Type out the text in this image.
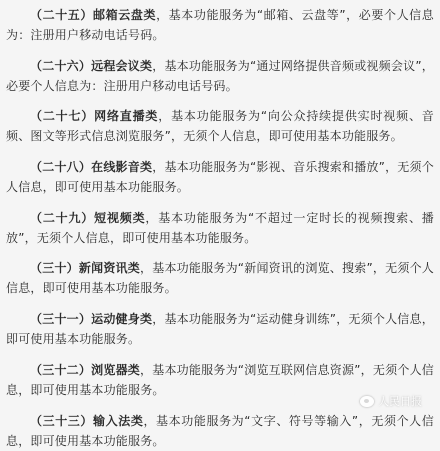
（二十五）邮箱云盘类，基本功能服务为“邮箱、云盘等”，必要个人信息为：注册用户移动电话号码。

（二十六）远程会议类，基本功能服务为“通过网络提供音频或视频会议”，必要个人信息为：注册用户移动电话号码。

（二十七）网络直播类，基本功能服务为“向公众持续提供实时视频、音频、图文等形式信息浏览服务”，无须个人信息，即可使用基本功能服务。

（二十八）在线影音类，基本功能服务为“影视、音乐搜索和播放”，无须个人信息，即可使用基本功能服务。

（二十九）短视频类，基本功能服务为“不超过一定时长的视频搜索、播放”，无须个人信息，即可使用基本功能服务。

（三十）新闻资讯类，基本功能服务为“新闻资讯的浏览、搜索”，无须个人信息，即可使用基本功能服务。

（三十一）运动健身类，基本功能服务为“运动健身训练”，无须个人信息，即可使用基本功能服务。

（三十二）浏览器类，基本功能服务为“浏览互联网信息资源”，无须个人信息，即可使用基本功能服务。

（三十三）输入法类，基本功能服务为“文字、符号等输入”，无须个人信息，即可使用基本功能服务。

人民日报
